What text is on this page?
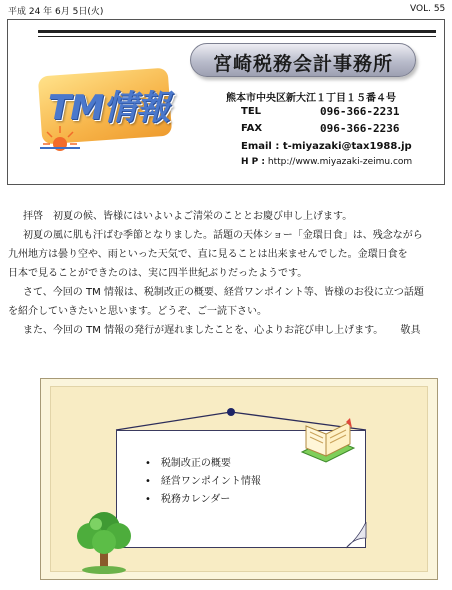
平成 24 年 6月 5日(火)	VOL. 55
宮崎税務会計事務所
TM情報	熊本市中央区新大江１丁目１５番４号
TEL	096-366-2231
FAX	096-366-2236
Email : t-miyazaki@tax1988.jp
H P : http://www.miyazaki-zeimu.com

拝啓　初夏の候、皆様にはいよいよご清栄のこととお慶び申し上げます。

初夏の風に肌も汗ばむ季節となりました。話題の天体ショー「金環日食」は、残念ながら

九州地方は曇り空や、雨といった天気で、直に見ることは出来ませんでした。金環日食を

日本で見ることができたのは、実に四半世紀ぶりだったようです。

さて、今回の TM 情報は、税制改正の概要、経営ワンポイント等、皆様のお役に立つ話題

を紹介していきたいと思います。どうぞ、ご一読下さい。

また、今回の TM 情報の発行が遅れましたことを、心よりお詫び申し上げます。 敬具

• 税制改正の概要
• 経営ワンポイント情報
• 税務カレンダー
